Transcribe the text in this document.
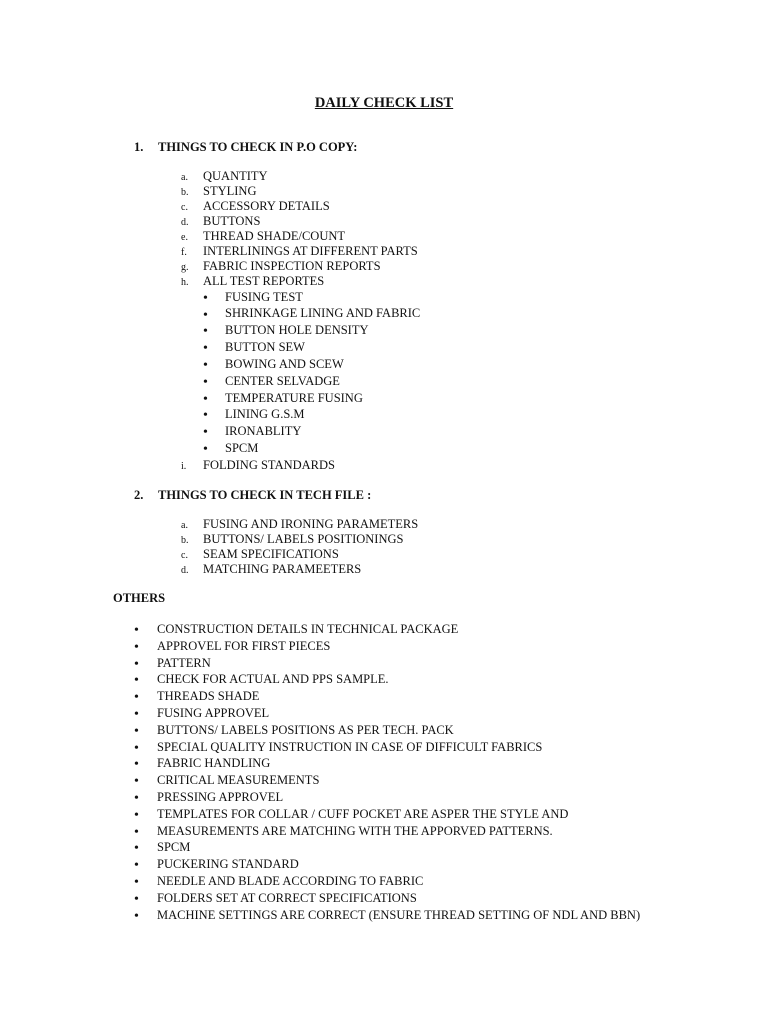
DAILY CHECK LIST
1. THINGS TO CHECK IN P.O COPY:
a. QUANTITY
b. STYLING
c. ACCESSORY DETAILS
d. BUTTONS
e. THREAD SHADE/COUNT
f. INTERLININGS AT DIFFERENT PARTS
g. FABRIC INSPECTION REPORTS
h. ALL TEST REPORTES
• FUSING TEST
• SHRINKAGE LINING AND FABRIC
• BUTTON HOLE DENSITY
• BUTTON SEW
• BOWING AND SCEW
• CENTER SELVADGE
• TEMPERATURE FUSING
• LINING G.S.M
• IRONABLITY
• SPCM
i. FOLDING STANDARDS
2. THINGS TO CHECK IN TECH FILE :
a. FUSING AND IRONING PARAMETERS
b. BUTTONS/ LABELS POSITIONINGS
c. SEAM SPECIFICATIONS
d. MATCHING PARAMEETERS
OTHERS
• CONSTRUCTION DETAILS IN TECHNICAL PACKAGE
• APPROVEL FOR FIRST PIECES
• PATTERN
• CHECK FOR ACTUAL AND PPS SAMPLE.
• THREADS SHADE
• FUSING APPROVEL
• BUTTONS/ LABELS POSITIONS AS PER TECH. PACK
• SPECIAL QUALITY INSTRUCTION IN CASE OF DIFFICULT FABRICS
• FABRIC HANDLING
• CRITICAL MEASUREMENTS
• PRESSING APPROVEL
• TEMPLATES FOR COLLAR / CUFF POCKET ARE ASPER THE STYLE AND
• MEASUREMENTS ARE MATCHING WITH THE APPORVED PATTERNS.
• SPCM
• PUCKERING STANDARD
• NEEDLE AND BLADE ACCORDING TO FABRIC
• FOLDERS SET AT CORRECT SPECIFICATIONS
• MACHINE SETTINGS ARE CORRECT (ENSURE THREAD SETTING OF NDL AND BBN)
